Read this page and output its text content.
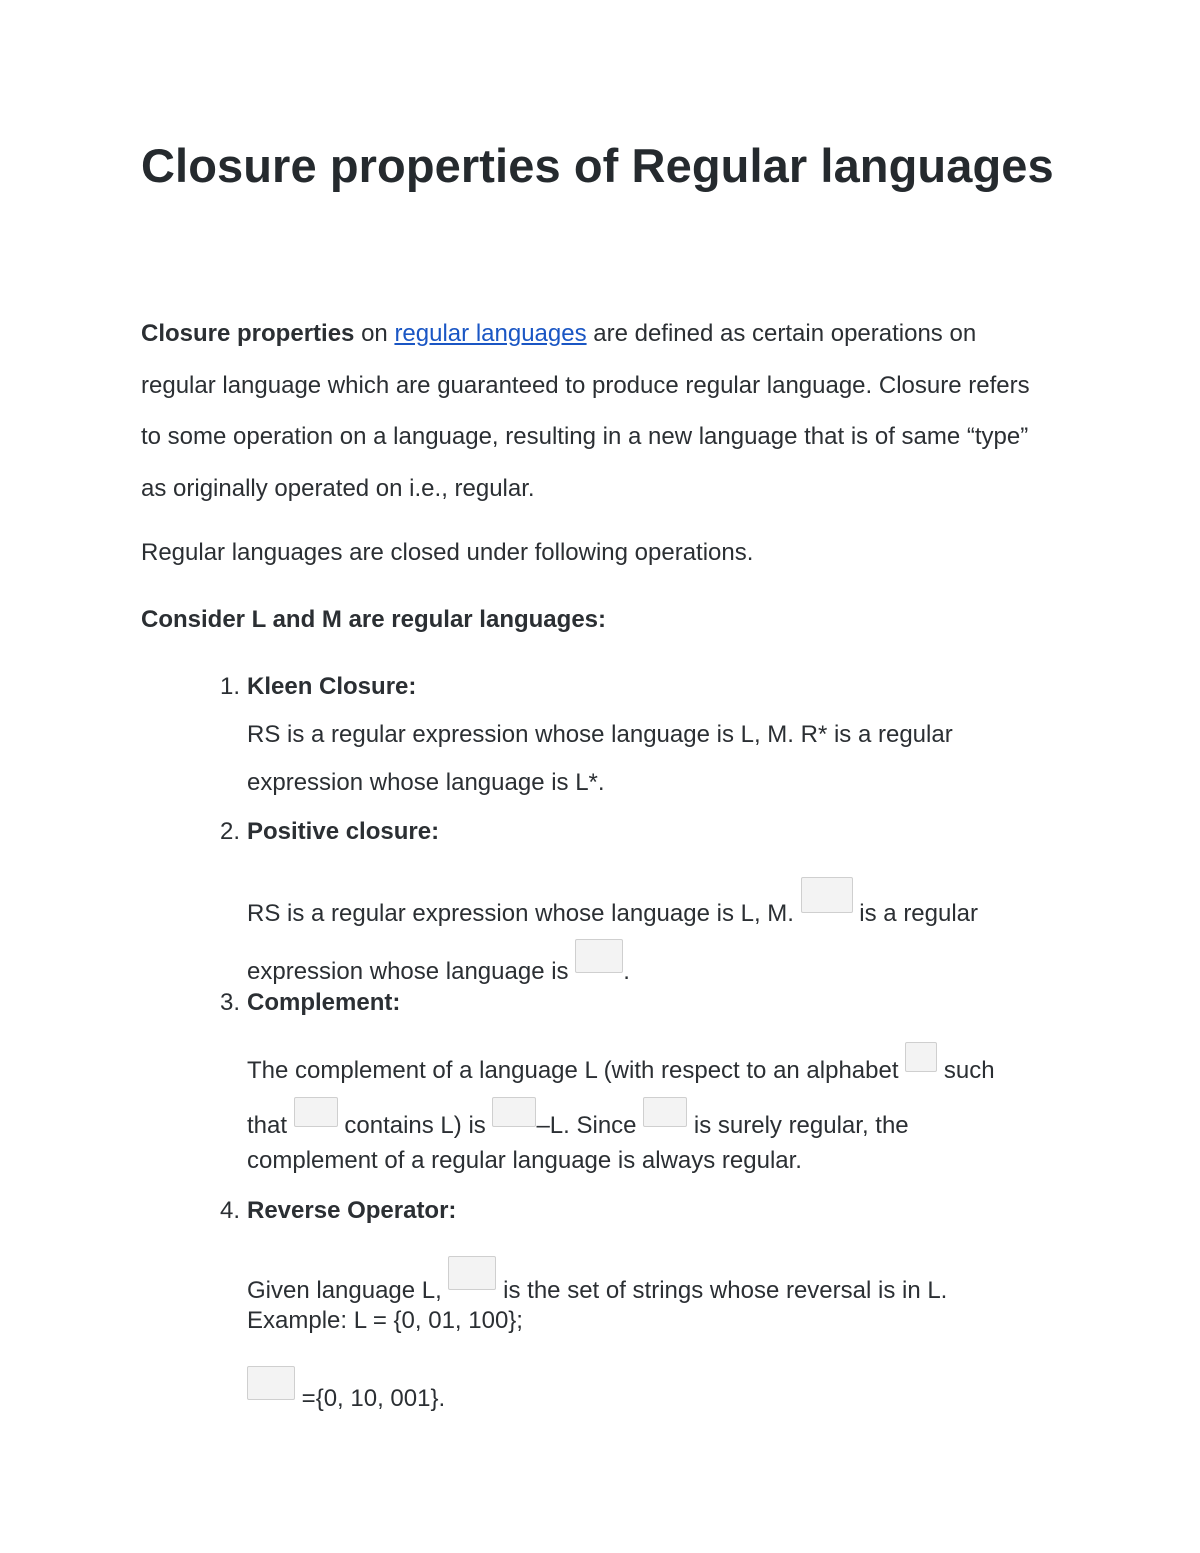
Closure properties of Regular languages

Closure properties on regular languages are defined as certain operations on regular language which are guaranteed to produce regular language. Closure refers to some operation on a language, resulting in a new language that is of same “type” as originally operated on i.e., regular.

Regular languages are closed under following operations.

Consider L and M are regular languages:

1. Kleen Closure:

RS is a regular expression whose language is L, M. R* is a regular

expression whose language is L*.

2. Positive closure:

RS is a regular expression whose language is L, M.	is a regular

expression whose language is .

3. Complement:

The complement of a language L (with respect to an alphabet such

that contains L) is –L. Since is surely regular, the

complement of a regular language is always regular.

4. Reverse Operator:

Given language L,	is the set of strings whose reversal is in L.

Example: L = {0, 01, 100};

={0, 10, 001}.
